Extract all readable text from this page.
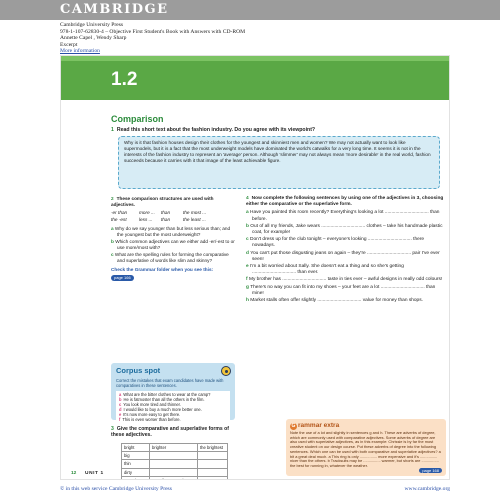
CAMBRIDGE
Cambridge University Press
978-1-107-62830-4 – Objective First Student's Book with Answers with CD-ROM
Annette Capel , Wendy Sharp
Excerpt
More information
1.2
Comparison
1 Read this short text about the fashion industry. Do you agree with its viewpoint?
Why is it that fashion houses design their clothes for the youngest and skinniest men and women? We may not actually want to look like supermodels, but it is a fact that the most underweight models have dominated the world's catwalks for a very long time. It seems it is not in the interests of the fashion industry to represent an 'average' person. Although 'slimmer' may not always mean 'more desirable' in the real world, fashion succeeds because it carries with it that image of the least achievable figure.

2 These comparison structures are used with adjectives.

-er than	more ...	than	the most ...
the -est	less ...	than	the least ...

a Why do we say younger than but less serious than; and the youngest but the most underweight?

b Which common adjectives can we either add -er/-est to or use more/most with?

c What are the spelling rules for forming the comparative and superlative of words like slim and skinny?

Check the Grammar folder when you see this:

page 166
Corpus spot
Correct the mistakes that exam candidates have made with comparatives in these sentences.
a What are the bitter clothes to wear at the camp?
b He is fatmoster than all the others in the film.
c You look more tired and thinner.
d I would like to buy a much more better one.
e It's now more easy to get there.
f This is even worser than before.
3 Give the comparative and superlative forms of these adjectives.
bright	brighter	the brightest
big		
thin		
dirty		

4 Now complete the following sentences by using one of the adjectives in 3, choosing either the comparative or the superlative form.

a Have you painted this room recently? Everything's looking a lot ................................. than before.

b Out of all my friends, Jake wears ................................. clothes – take his handmade plastic coat, for example!

c Don't dress up for the club tonight – everyone's looking ................................. there nowadays.

d You can't put those disgusting jeans on again – they're ................................. pair I've ever seen!

e I'm a bit worried about Sally. She doesn't eat a thing and so she's getting ................................. than ever.

f My brother has ................................. taste in ties ever – awful designs in really odd colours!

g There's no way you can fit into my shoes – your feet are a lot ................................. than mine!

h Market stalls often offer slightly ................................. value for money than shops.

G rammar extra
Note the use of a lot and slightly in sentences g and h. These are adverbs of degree, which are commonly used with comparative adjectives. Some adverbs of degree are also used with superlative adjectives, as in this example: Chrissie is by far the most creative student on our design course. Put these adverbs of degree into the following sentences. Which one can be used with both comparative and superlative adjectives? a bit a great deal much. a This ring is only ................ more expensive and it's ................ nicer than the others. b Tracksuits may be ................ warmer, but shorts are ................ the best for running in, whatever the weather.
page 168
12 UNIT 1
© in this web service Cambridge University Press	www.cambridge.org
